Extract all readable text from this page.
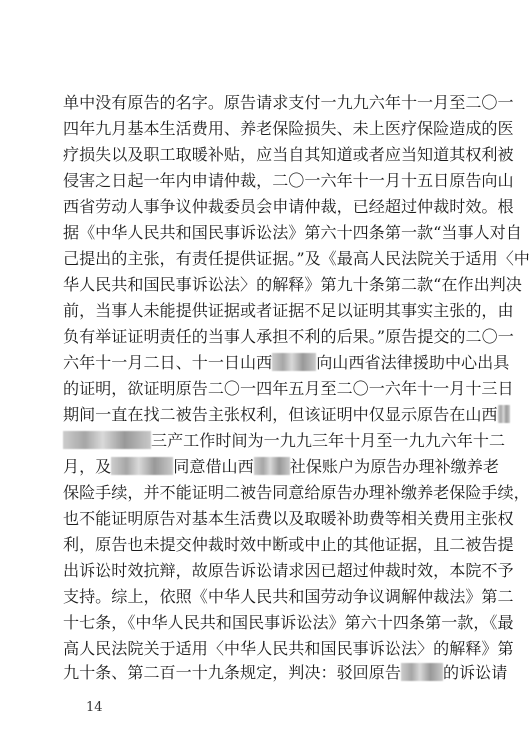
单中没有原告的名字。原告请求支付一九九六年十一月至二〇一
四年九月基本生活费用、养老保险损失、未上医疗保险造成的医
疗损失以及职工取暖补贴，应当自其知道或者应当知道其权利被
侵害之日起一年内申请仲裁，二〇一六年十一月十五日原告向山
西省劳动人事争议仲裁委员会申请仲裁，已经超过仲裁时效。根
据《中华人民共和国民事诉讼法》第六十四条第一款“当事人对自
己提出的主张，有责任提供证据。”及《最高人民法院关于适用〈中
华人民共和国民事诉讼法〉的解释》第九十条第二款“在作出判决
前，当事人未能提供证据或者证据不足以证明其事实主张的，由
负有举证证明责任的当事人承担不利的后果。”原告提交的二〇一
六年十一月二日、十一日山西	向山西省法律援助中心出具
的证明，欲证明原告二〇一四年五月至二〇一六年十一月十三日
期间一直在找二被告主张权利，但该证明中仅显示原告在山西
三产工作时间为一九九三年十月至一九九六年十二
月，及	同意借山西 社保账户为原告办理补缴养老
保险手续，并不能证明二被告同意给原告办理补缴养老保险手续，
也不能证明原告对基本生活费以及取暖补助费等相关费用主张权
利，原告也未提交仲裁时效中断或中止的其他证据，且二被告提
出诉讼时效抗辩，故原告诉讼请求因已超过仲裁时效，本院不予
支持。综上，依照《中华人民共和国劳动争议调解仲裁法》第二
十七条，《中华人民共和国民事诉讼法》第六十四条第一款，《最
高人民法院关于适用〈中华人民共和国民事诉讼法〉的解释》第
九十条、第二百一十九条规定，判决：驳回原告	的诉讼请
14
